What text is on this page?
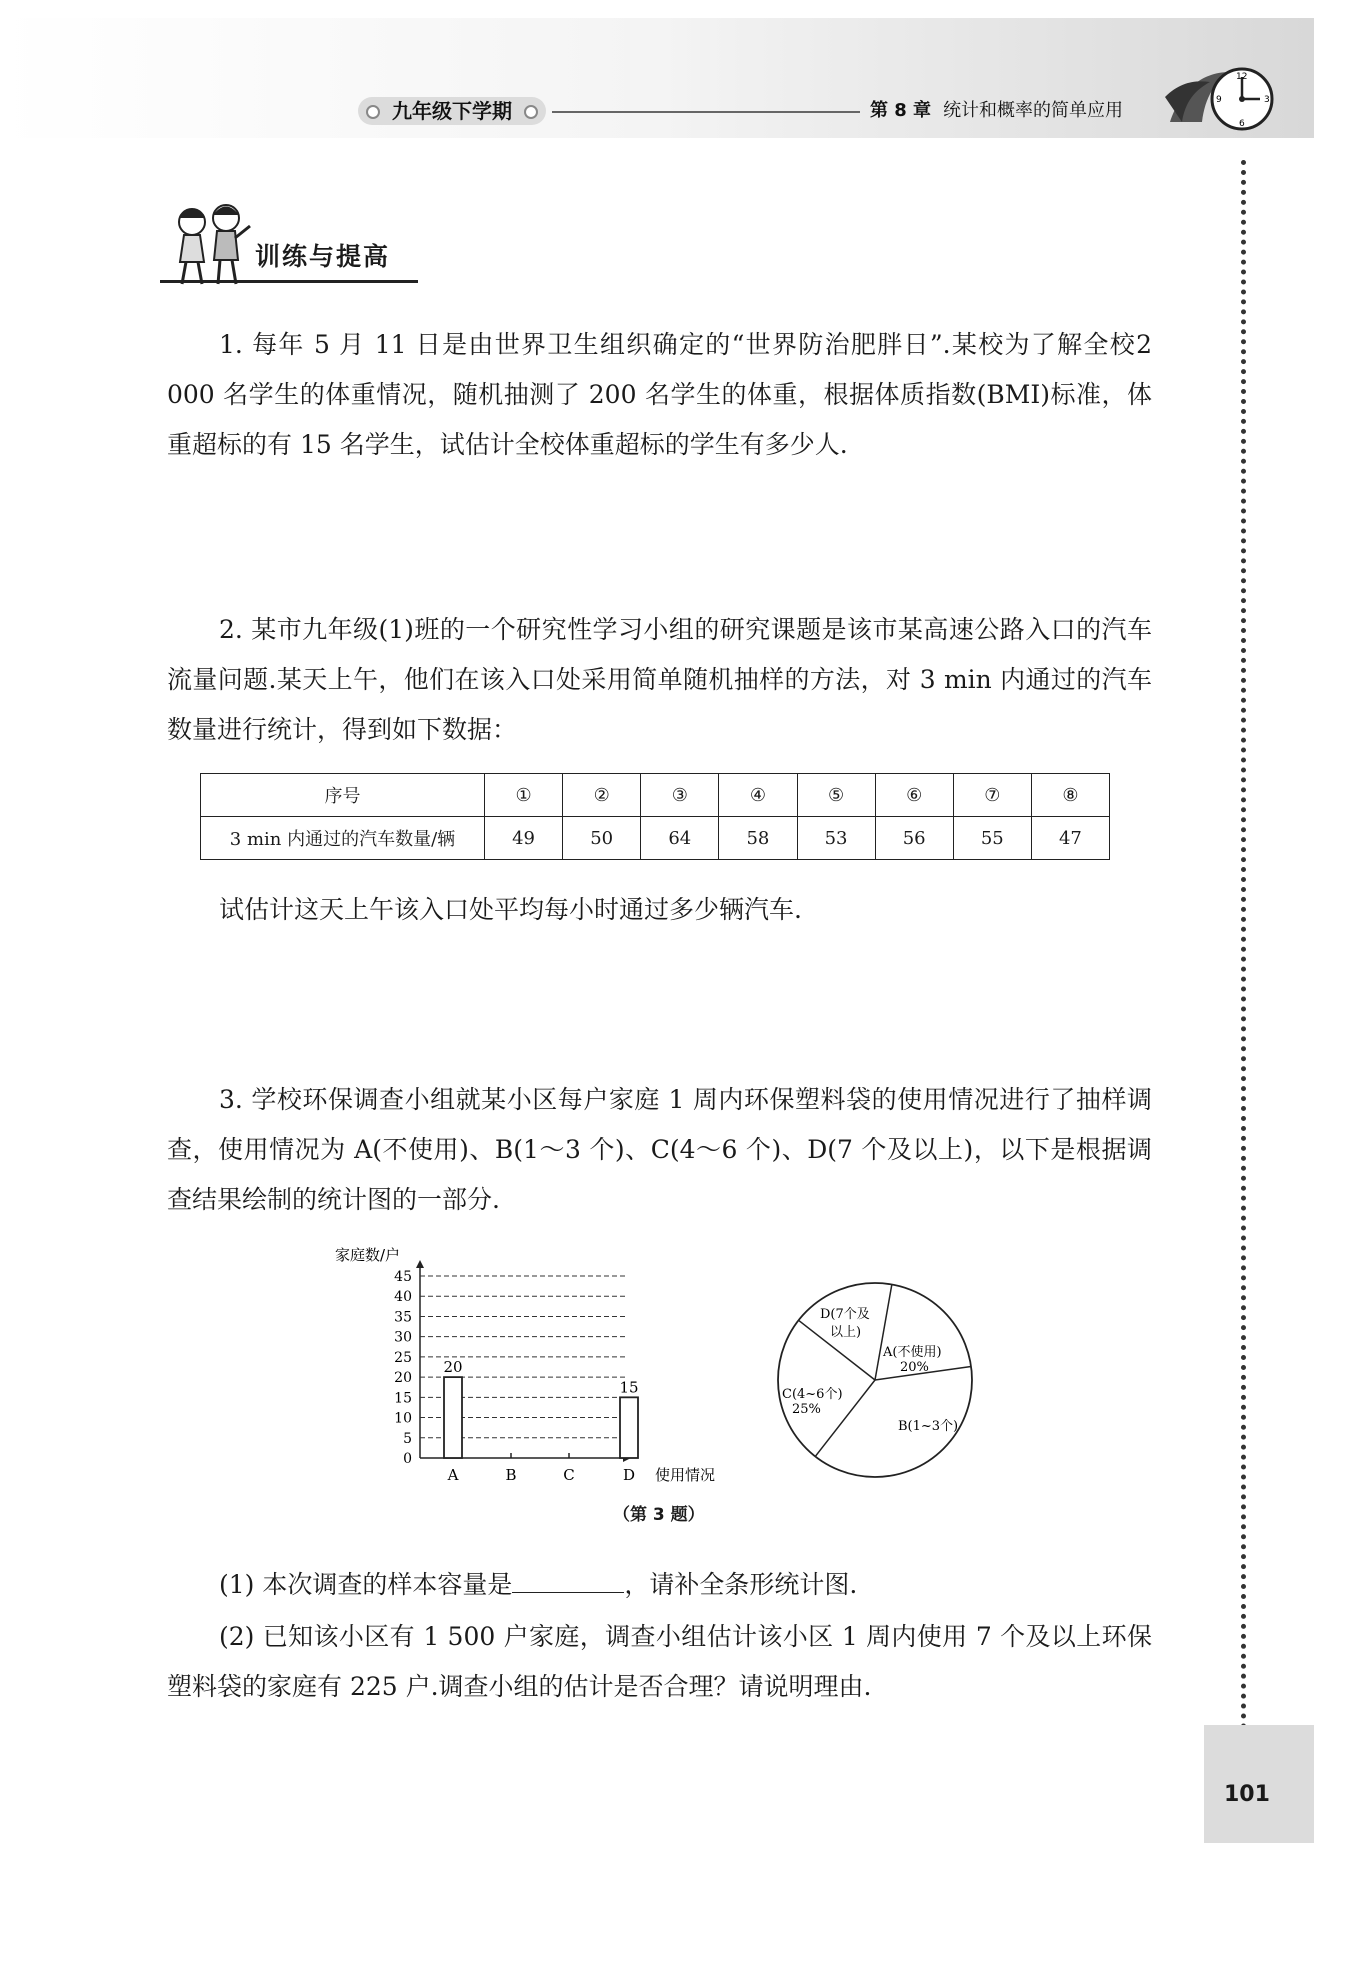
九年级下学期	第 8 章 统计和概率的简单应用
12
3
6
9
训练与提高

1. 每年 5 月 11 日是由世界卫生组织确定的“世界防治肥胖日”.某校为了解全校2 000 名学生的体重情况，随机抽测了 200 名学生的体重，根据体质指数(BMI)标准，体重超标的有 15 名学生，试估计全校体重超标的学生有多少人.

2. 某市九年级(1)班的一个研究性学习小组的研究课题是该市某高速公路入口的汽车流量问题.某天上午，他们在该入口处采用简单随机抽样的方法，对 3 min 内通过的汽车数量进行统计，得到如下数据：

序号	①	②	③	④	⑤	⑥	⑦	⑧
3 min 内通过的汽车数量/辆	49	50	64	58	53	56	55	47

试估计这天上午该入口处平均每小时通过多少辆汽车.

3. 学校环保调查小组就某小区每户家庭 1 周内环保塑料袋的使用情况进行了抽样调查，使用情况为 A(不使用)、B(1～3 个)、C(4～6 个)、D(7 个及以上)，以下是根据调查结果绘制的统计图的一部分.

0
5
10
15
20
25
30
35
40
45
家庭数/户
使用情况
A
20
B	C	D
15
A(不使用)
20%
B(1~3个)
C(4~6个)
25%
D(7个及
以上)
（第 3 题）

(1) 本次调查的样本容量是	，请补全条形统计图.

(2) 已知该小区有 1 500 户家庭，调查小组估计该小区 1 周内使用 7 个及以上环保塑料袋的家庭有 225 户.调查小组的估计是否合理？请说明理由.

101
